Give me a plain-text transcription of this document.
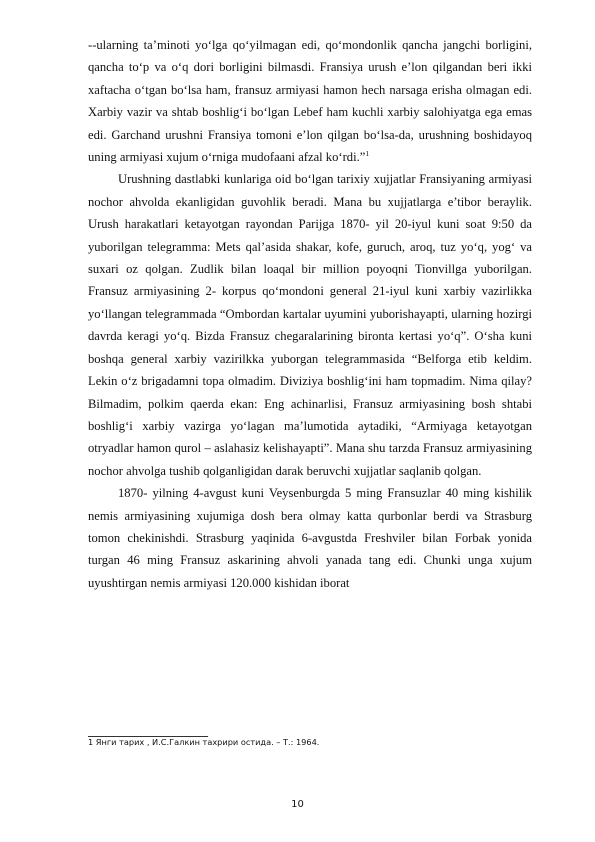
--ularning ta’minoti yo‘lga qo‘yilmagan edi, qo‘mondonlik qancha jangchi borligini, qancha to‘p va o‘q dori borligini bilmasdi. Fransiya urush e’lon qilgandan beri ikki xaftacha o‘tgan bo‘lsa ham, fransuz armiyasi hamon hech narsaga erisha olmagan edi. Xarbiy vazir va shtab boshlig‘i bo‘lgan Lebef ham kuchli xarbiy salohiyatga ega emas edi. Garchand urushni Fransiya tomoni e’lon qilgan bo‘lsa-da, urushning boshidayoq uning armiyasi xujum o‘rniga mudofaani afzal ko‘rdi.”$^1$

Urushning dastlabki kunlariga oid bo‘lgan tarixiy xujjatlar Fransiyaning armiyasi nochor ahvolda ekanligidan guvohlik beradi. Mana bu xujjatlarga e’tibor beraylik. Urush harakatlari ketayotgan rayondan Parijga 1870- yil 20-iyul kuni soat 9:50 da yuborilgan telegramma: Mets qal’asida shakar, kofe, guruch, aroq, tuz yo‘q, yog‘ va suxari oz qolgan. Zudlik bilan loaqal bir million poyoqni Tionvillga yuborilgan. Fransuz armiyasining 2- korpus qo‘mondoni general 21-iyul kuni xarbiy vazirlikka yo‘llangan telegrammada “Ombordan kartalar uyumini yuborishayapti, ularning hozirgi davrda keragi yo‘q. Bizda Fransuz chegaralarining bironta kertasi yo‘q”. O‘sha kuni boshqa general xarbiy vazirilkka yuborgan telegrammasida “Belforga etib keldim. Lekin o‘z brigadamni topa olmadim. Diviziya boshlig‘ini ham topmadim. Nima qilay? Bilmadim, polkim qaerda ekan: Eng achinarlisi, Fransuz armiyasining bosh shtabi boshlig‘i xarbiy vazirga yo‘lagan ma’lumotida aytadiki, “Armiyaga ketayotgan otryadlar hamon qurol – aslahasiz kelishayapti”. Mana shu tarzda Fransuz armiyasining nochor ahvolga tushib qolganligidan darak beruvchi xujjatlar saqlanib qolgan.

1870- yilning 4-avgust kuni Veysenburgda 5 ming Fransuzlar 40 ming kishilik nemis armiyasining xujumiga dosh bera olmay katta qurbonlar berdi va Strasburg tomon chekinishdi. Strasburg yaqinida 6-avgustda Freshviler bilan Forbak yonida turgan 46 ming Fransuz askarining ahvoli yanada tang edi. Chunki unga xujum uyushtirgan nemis armiyasi 120.000 kishidan iborat

1 Янги тарих , И.С.Галкин тахрири остида. – Т.: 1964.
10
